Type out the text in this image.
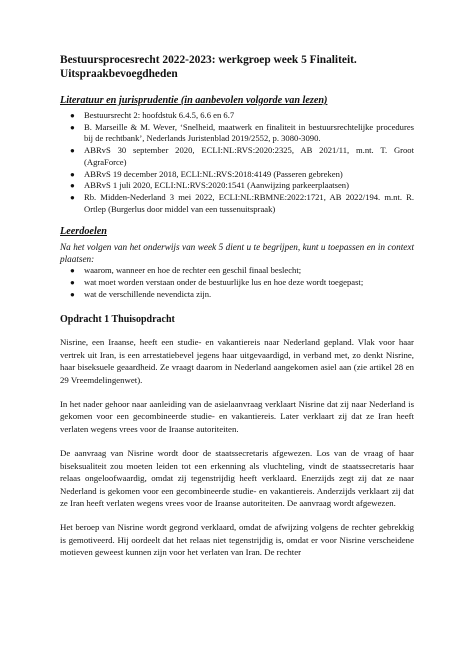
Bestuursprocesrecht 2022-2023: werkgroep week 5 Finaliteit. Uitspraakbevoegdheden

Literatuur en jurisprudentie (in aanbevolen volgorde van lezen)

● Bestuursrecht 2: hoofdstuk 6.4.5, 6.6 en 6.7
● B. Marseille & M. Wever, ‘Snelheid, maatwerk en finaliteit in bestuursrechtelijke procedures bij de rechtbank’, Nederlands Juristenblad 2019/2552, p. 3080-3090.
● ABRvS 30 september 2020, ECLI:NL:RVS:2020:2325, AB 2021/11, m.nt. T. Groot (AgraForce)
● ABRvS 19 december 2018, ECLI:NL:RVS:2018:4149 (Passeren gebreken)
● ABRvS 1 juli 2020, ECLI:NL:RVS:2020:1541 (Aanwijzing parkeerplaatsen)
● Rb. Midden-Nederland 3 mei 2022, ECLI:NL:RBMNE:2022:1721, AB 2022/194. m.nt. R. Ortlep (Burgerlus door middel van een tussenuitspraak)

Leerdoelen

Na het volgen van het onderwijs van week 5 dient u te begrijpen, kunt u toepassen en in context plaatsen:

● waarom, wanneer en hoe de rechter een geschil finaal beslecht;
● wat moet worden verstaan onder de bestuurlijke lus en hoe deze wordt toegepast;
● wat de verschillende nevendicta zijn.

Opdracht 1 Thuisopdracht

Nisrine, een Iraanse, heeft een studie- en vakantiereis naar Nederland gepland. Vlak voor haar vertrek uit Iran, is een arrestatiebevel jegens haar uitgevaardigd, in verband met, zo denkt Nisrine, haar biseksuele geaardheid. Ze vraagt daarom in Nederland aangekomen asiel aan (zie artikel 28 en 29 Vreemdelingenwet).

In het nader gehoor naar aanleiding van de asielaanvraag verklaart Nisrine dat zij naar Nederland is gekomen voor een gecombineerde studie- en vakantiereis. Later verklaart zij dat ze Iran heeft verlaten wegens vrees voor de Iraanse autoriteiten.

De aanvraag van Nisrine wordt door de staatssecretaris afgewezen. Los van de vraag of haar biseksualiteit zou moeten leiden tot een erkenning als vluchteling, vindt de staatssecretaris haar relaas ongeloofwaardig, omdat zij tegenstrijdig heeft verklaard. Enerzijds zegt zij dat ze naar Nederland is gekomen voor een gecombineerde studie- en vakantiereis. Anderzijds verklaart zij dat ze Iran heeft verlaten wegens vrees voor de Iraanse autoriteiten. De aanvraag wordt afgewezen.

Het beroep van Nisrine wordt gegrond verklaard, omdat de afwijzing volgens de rechter gebrekkig is gemotiveerd. Hij oordeelt dat het relaas niet tegenstrijdig is, omdat er voor Nisrine verscheidene motieven geweest kunnen zijn voor het verlaten van Iran. De rechter
